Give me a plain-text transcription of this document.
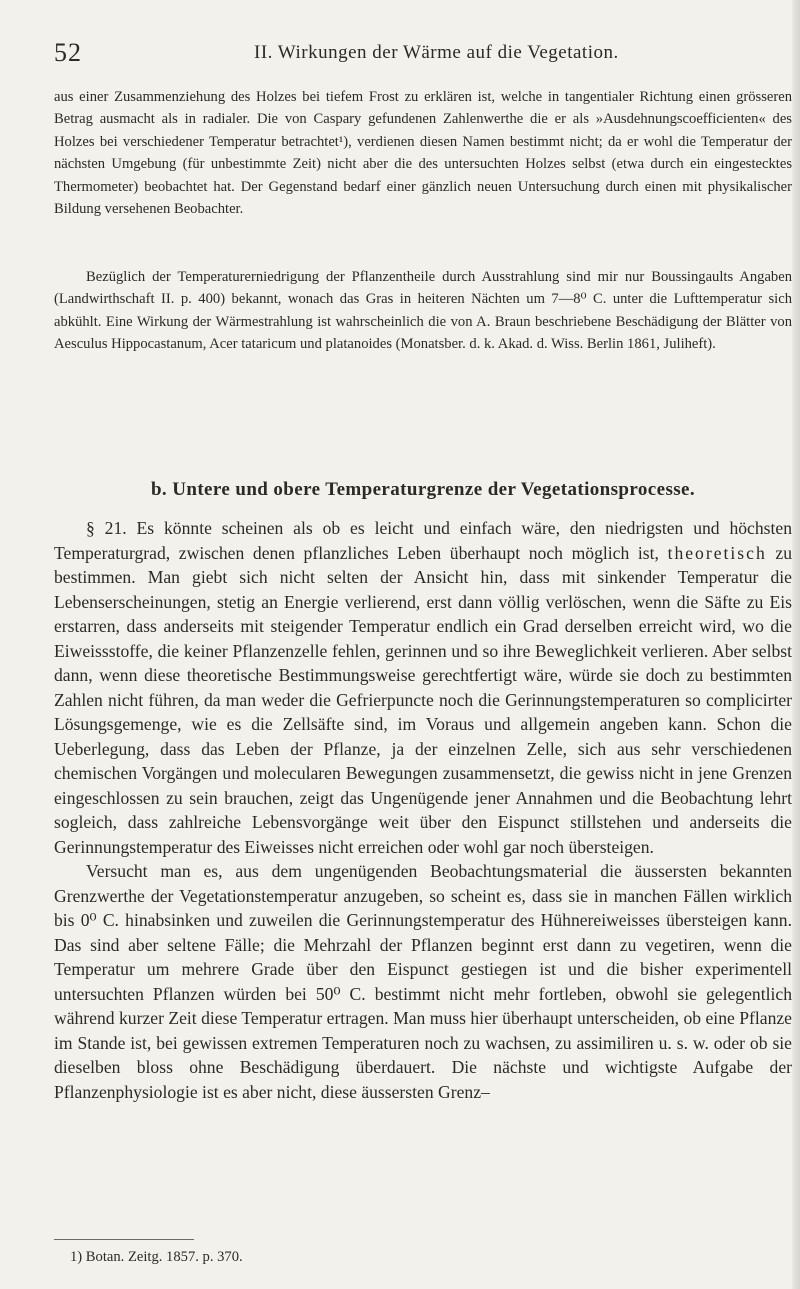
52	II. Wirkungen der Wärme auf die Vegetation.

aus einer Zusammenziehung des Holzes bei tiefem Frost zu erklären ist, welche in tangentialer Richtung einen grösseren Betrag ausmacht als in radialer. Die von Caspary gefundenen Zahlenwerthe die er als »Ausdehnungscoefficienten« des Holzes bei verschiedener Temperatur betrachtet¹), verdienen diesen Namen bestimmt nicht; da er wohl die Temperatur der nächsten Umgebung (für unbestimmte Zeit) nicht aber die des untersuchten Holzes selbst (etwa durch ein eingestecktes Thermometer) beobachtet hat. Der Gegenstand bedarf einer gänzlich neuen Untersuchung durch einen mit physikalischer Bildung versehenen Beobachter.

Bezüglich der Temperaturerniedrigung der Pflanzentheile durch Ausstrahlung sind mir nur Boussingaults Angaben (Landwirthschaft II. p. 400) bekannt, wonach das Gras in heiteren Nächten um 7—8⁰ C. unter die Lufttemperatur sich abkühlt. Eine Wirkung der Wärmestrahlung ist wahrscheinlich die von A. Braun beschriebene Beschädigung der Blätter von Aesculus Hippocastanum, Acer tataricum und platanoides (Monatsber. d. k. Akad. d. Wiss. Berlin 1861, Juliheft).

b. Untere und obere Temperaturgrenze der Vegetationsprocesse.

§ 21. Es könnte scheinen als ob es leicht und einfach wäre, den niedrigsten und höchsten Temperaturgrad, zwischen denen pflanzliches Leben überhaupt noch möglich ist, theoretisch zu bestimmen. Man giebt sich nicht selten der Ansicht hin, dass mit sinkender Temperatur die Lebenserscheinungen, stetig an Energie verlierend, erst dann völlig verlöschen, wenn die Säfte zu Eis erstarren, dass anderseits mit steigender Temperatur endlich ein Grad derselben erreicht wird, wo die Eiweissstoffe, die keiner Pflanzenzelle fehlen, gerinnen und so ihre Beweglichkeit verlieren. Aber selbst dann, wenn diese theoretische Bestimmungsweise gerechtfertigt wäre, würde sie doch zu bestimmten Zahlen nicht führen, da man weder die Gefrierpuncte noch die Gerinnungstemperaturen so complicirter Lösungsgemenge, wie es die Zellsäfte sind, im Voraus und allgemein angeben kann. Schon die Ueberlegung, dass das Leben der Pflanze, ja der einzelnen Zelle, sich aus sehr verschiedenen chemischen Vorgängen und molecularen Bewegungen zusammensetzt, die gewiss nicht in jene Grenzen eingeschlossen zu sein brauchen, zeigt das Ungenügende jener Annahmen und die Beobachtung lehrt sogleich, dass zahlreiche Lebensvorgänge weit über den Eispunct stillstehen und anderseits die Gerinnungstemperatur des Eiweisses nicht erreichen oder wohl gar noch übersteigen.

Versucht man es, aus dem ungenügenden Beobachtungsmaterial die äussersten bekannten Grenzwerthe der Vegetationstemperatur anzugeben, so scheint es, dass sie in manchen Fällen wirklich bis 0⁰ C. hinabsinken und zuweilen die Gerinnungstemperatur des Hühnereiweisses übersteigen kann. Das sind aber seltene Fälle; die Mehrzahl der Pflanzen beginnt erst dann zu vegetiren, wenn die Temperatur um mehrere Grade über den Eispunct gestiegen ist und die bisher experimentell untersuchten Pflanzen würden bei 50⁰ C. bestimmt nicht mehr fortleben, obwohl sie gelegentlich während kurzer Zeit diese Temperatur ertragen. Man muss hier überhaupt unterscheiden, ob eine Pflanze im Stande ist, bei gewissen extremen Temperaturen noch zu wachsen, zu assimiliren u. s. w. oder ob sie dieselben bloss ohne Beschädigung überdauert. Die nächste und wichtigste Aufgabe der Pflanzenphysiologie ist es aber nicht, diese äussersten Grenz–

1) Botan. Zeitg. 1857. p. 370.
